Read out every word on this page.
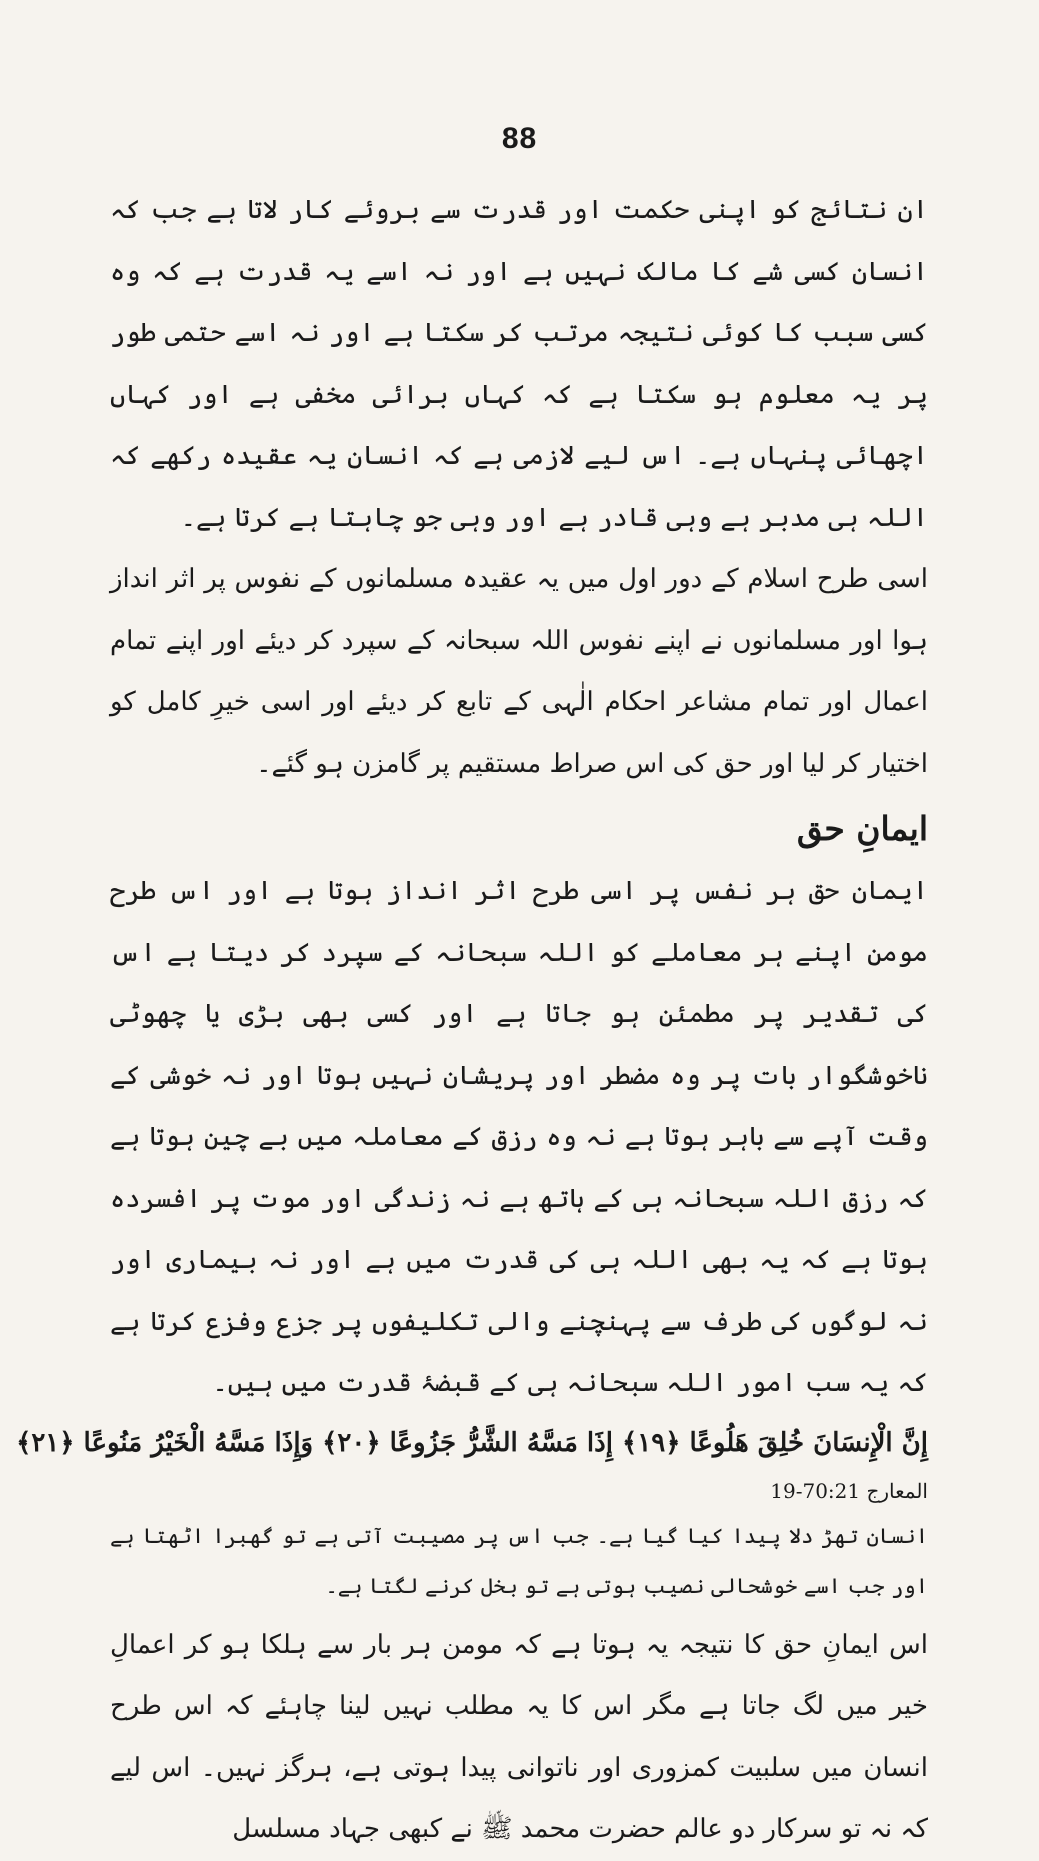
88

ان نتائج کو اپنی حکمت اور قدرت سے بروئے کار لاتا ہے جب کہ انسان کسی شے کا مالک نہیں ہے اور نہ اسے یہ قدرت ہے کہ وہ کسی سبب کا کوئی نتیجہ مرتب کر سکتا ہے اور نہ اسے حتمی طور پر یہ معلوم ہو سکتا ہے کہ کہاں برائی مخفی ہے اور کہاں اچھائی پنہاں ہے۔ اس لیے لازمی ہے کہ انسان یہ عقیدہ رکھے کہ اللہ ہی مدبر ہے وہی قادر ہے اور وہی جو چاہتا ہے کرتا ہے۔

اسی طرح اسلام کے دور اول میں یہ عقیدہ مسلمانوں کے نفوس پر اثر انداز ہوا اور مسلمانوں نے اپنے نفوس اللہ سبحانہ کے سپرد کر دیئے اور اپنے تمام اعمال اور تمام مشاعر احکام الٰہی کے تابع کر دیئے اور اسی خیرِ کامل کو اختیار کر لیا اور حق کی اس صراط مستقیم پر گامزن ہو گئے۔

ایمانِ حق

ایمان حق ہر نفس پر اسی طرح اثر انداز ہوتا ہے اور اس طرح مومن اپنے ہر معاملے کو اللہ سبحانہ کے سپرد کر دیتا ہے اس کی تقدیر پر مطمئن ہو جاتا ہے اور کسی بھی بڑی یا چھوٹی ناخوشگوار بات پر وہ مضطر اور پریشان نہیں ہوتا اور نہ خوشی کے وقت آپے سے باہر ہوتا ہے نہ وہ رزق کے معاملہ میں بے چین ہوتا ہے کہ رزق اللہ سبحانہ ہی کے ہاتھ ہے نہ زندگی اور موت پر افسردہ ہوتا ہے کہ یہ بھی اللہ ہی کی قدرت میں ہے اور نہ بیماری اور نہ لوگوں کی طرف سے پہنچنے والی تکلیفوں پر جزع وفزع کرتا ہے کہ یہ سب امور اللہ سبحانہ ہی کے قبضۂ قدرت میں ہیں۔

إِنَّ الْإِنسَانَ خُلِقَ هَلُوعًا ﴿١٩﴾ إِذَا مَسَّهُ الشَّرُّ جَزُوعًا ﴿٢٠﴾ وَإِذَا مَسَّهُ الْخَيْرُ مَنُوعًا ﴿٢١﴾

المعارج 70:21-19

انسان تھڑ دلا پیدا کیا گیا ہے۔ جب اس پر مصیبت آتی ہے تو گھبرا اٹھتا ہے اور جب اسے خوشحالی نصیب ہوتی ہے تو بخل کرنے لگتا ہے۔

اس ایمانِ حق کا نتیجہ یہ ہوتا ہے کہ مومن ہر بار سے ہلکا ہو کر اعمالِ خیر میں لگ جاتا ہے مگر اس کا یہ مطلب نہیں لینا چاہئے کہ اس طرح انسان میں سلبیت کمزوری اور ناتوانی پیدا ہوتی ہے، ہرگز نہیں۔ اس لیے کہ نہ تو سرکار دو عالم حضرت محمد ﷺ نے کبھی جہاد مسلسل
